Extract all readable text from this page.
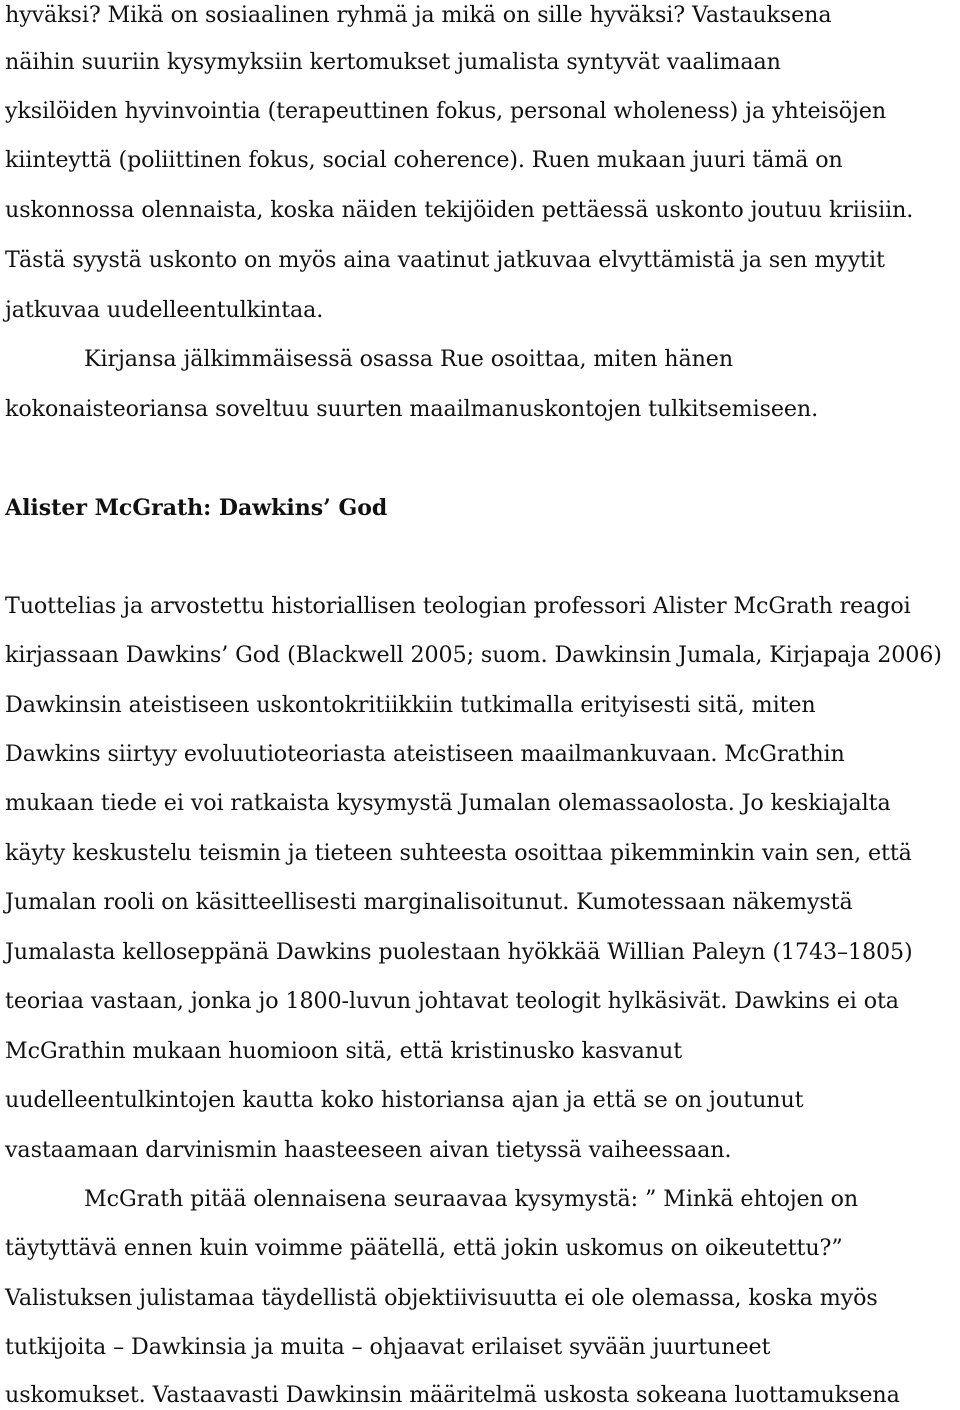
hyväksi? Mikä on sosiaalinen ryhmä ja mikä on sille hyväksi? Vastauksena
näihin suuriin kysymyksiin kertomukset jumalista syntyvät vaalimaan
yksilöiden hyvinvointia (terapeuttinen fokus, personal wholeness) ja yhteisöjen
kiinteyttä (poliittinen fokus, social coherence). Ruen mukaan juuri tämä on
uskonnossa olennaista, koska näiden tekijöiden pettäessä uskonto joutuu kriisiin.
Tästä syystä uskonto on myös aina vaatinut jatkuvaa elvyttämistä ja sen myytit
jatkuvaa uudelleentulkintaa.
Kirjansa jälkimmäisessä osassa Rue osoittaa, miten hänen
kokonaisteoriansa soveltuu suurten maailmanuskontojen tulkitsemiseen.
Alister McGrath: Dawkins’ God
Tuottelias ja arvostettu historiallisen teologian professori Alister McGrath reagoi
kirjassaan Dawkins’ God (Blackwell 2005; suom. Dawkinsin Jumala, Kirjapaja 2006)
Dawkinsin ateistiseen uskontokritiikkiin tutkimalla erityisesti sitä, miten
Dawkins siirtyy evoluutioteoriasta ateistiseen maailmankuvaan. McGrathin
mukaan tiede ei voi ratkaista kysymystä Jumalan olemassaolosta. Jo keskiajalta
käyty keskustelu teismin ja tieteen suhteesta osoittaa pikemminkin vain sen, että
Jumalan rooli on käsitteellisesti marginalisoitunut. Kumotessaan näkemystä
Jumalasta kelloseppänä Dawkins puolestaan hyökkää Willian Paleyn (1743–1805)
teoriaa vastaan, jonka jo 1800-luvun johtavat teologit hylkäsivät. Dawkins ei ota
McGrathin mukaan huomioon sitä, että kristinusko kasvanut
uudelleentulkintojen kautta koko historiansa ajan ja että se on joutunut
vastaamaan darvinismin haasteeseen aivan tietyssä vaiheessaan.
McGrath pitää olennaisena seuraavaa kysymystä: ” Minkä ehtojen on
täytyttävä ennen kuin voimme päätellä, että jokin uskomus on oikeutettu?”
Valistuksen julistamaa täydellistä objektiivisuutta ei ole olemassa, koska myös
tutkijoita – Dawkinsia ja muita – ohjaavat erilaiset syvään juurtuneet
uskomukset. Vastaavasti Dawkinsin määritelmä uskosta sokeana luottamuksena
